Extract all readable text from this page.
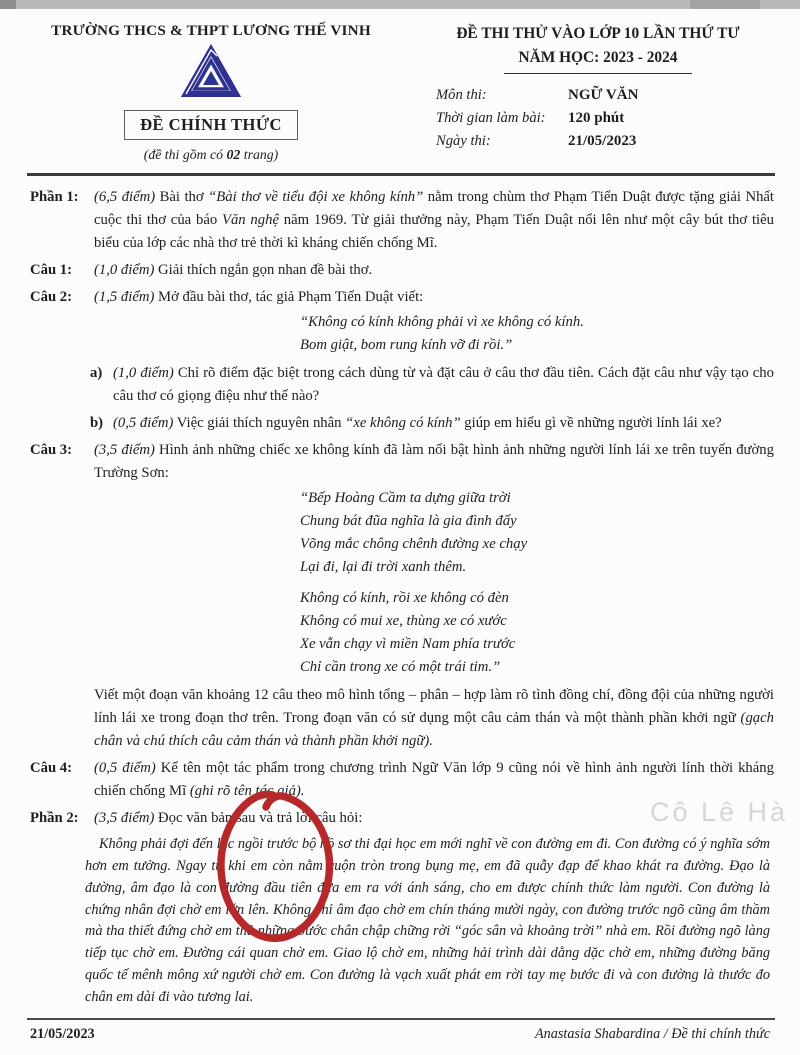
TRƯỜNG THCS & THPT LƯƠNG THẾ VINH
ĐỀ CHÍNH THỨC
(đề thi gồm có 02 trang)
ĐỀ THI THỬ VÀO LỚP 10 LẦN THỨ TƯ
NĂM HỌC: 2023 - 2024
Môn thi:	NGỮ VĂN
Thời gian làm bài:	120 phút
Ngày thi:	21/05/2023
Phần 1:	(6,5 điểm) Bài thơ “Bài thơ về tiểu đội xe không kính” nằm trong chùm thơ Phạm Tiến Duật được tặng giải Nhất cuộc thi thơ của báo Văn nghệ năm 1969. Từ giải thưởng này, Phạm Tiến Duật nổi lên như một cây bút thơ tiêu biểu của lớp các nhà thơ trẻ thời kì kháng chiến chống Mĩ.
Câu 1:	(1,0 điểm) Giải thích ngắn gọn nhan đề bài thơ.
Câu 2:	(1,5 điểm) Mở đầu bài thơ, tác giả Phạm Tiến Duật viết:
“Không có kính không phải vì xe không có kính.
Bom giật, bom rung kính vỡ đi rồi.”
a) (1,0 điểm) Chỉ rõ điểm đặc biệt trong cách dùng từ và đặt câu ở câu thơ đầu tiên. Cách đặt câu như vậy tạo cho câu thơ có giọng điệu như thế nào?
b) (0,5 điểm) Việc giải thích nguyên nhân “xe không có kính” giúp em hiểu gì về những người lính lái xe?
Câu 3:	(3,5 điểm) Hình ảnh những chiếc xe không kính đã làm nổi bật hình ảnh những người lính lái xe trên tuyến đường Trường Sơn:
“Bếp Hoàng Cầm ta dựng giữa trời
Chung bát đũa nghĩa là gia đình đấy
Võng mắc chông chênh đường xe chạy
Lại đi, lại đi trời xanh thêm.
Không có kính, rồi xe không có đèn
Không có mui xe, thùng xe có xước
Xe vẫn chạy vì miền Nam phía trước
Chỉ cần trong xe có một trái tim.”
Viết một đoạn văn khoảng 12 câu theo mô hình tổng – phân – hợp làm rõ tình đồng chí, đồng đội của những người lính lái xe trong đoạn thơ trên. Trong đoạn văn có sử dụng một câu cảm thán và một thành phần khởi ngữ (gạch chân và chú thích câu cảm thán và thành phần khởi ngữ).
Câu 4:	(0,5 điểm) Kể tên một tác phẩm trong chương trình Ngữ Văn lớp 9 cũng nói về hình ảnh người lính thời kháng chiến chống Mĩ (ghi rõ tên tác giả).
Phần 2:	(3,5 điểm) Đọc văn bản sau và trả lời câu hỏi:
Không phải đợi đến lúc ngồi trước bộ hồ sơ thi đại học em mới nghĩ về con đường em đi. Con đường có ý nghĩa sớm hơn em tưởng. Ngay từ khi em còn nằm cuộn tròn trong bụng mẹ, em đã quẫy đạp để khao khát ra đường. Đạo là đường, âm đạo là con đường đầu tiên đưa em ra với ánh sáng, cho em được chính thức làm người. Con đường là chứng nhân đợi chờ em lớn lên. Không chỉ âm đạo chờ em chín tháng mười ngày, con đường trước ngõ cũng âm thầm mà tha thiết đứng chờ em thả những bước chân chập chững rời “góc sân và khoảng trời” nhà em. Rồi đường ngõ làng tiếp tục chờ em. Đường cái quan chờ em. Giao lộ chờ em, những hải trình dài dằng dặc chờ em, những đường băng quốc tế mênh mông xứ người chờ em. Con đường là vạch xuất phát em rời tay mẹ bước đi và con đường là thước đo chân em dài đi vào tương lai.
21/05/2023	Anastasia Shabardina / Đề thi chính thức
Cô Lê Hà
